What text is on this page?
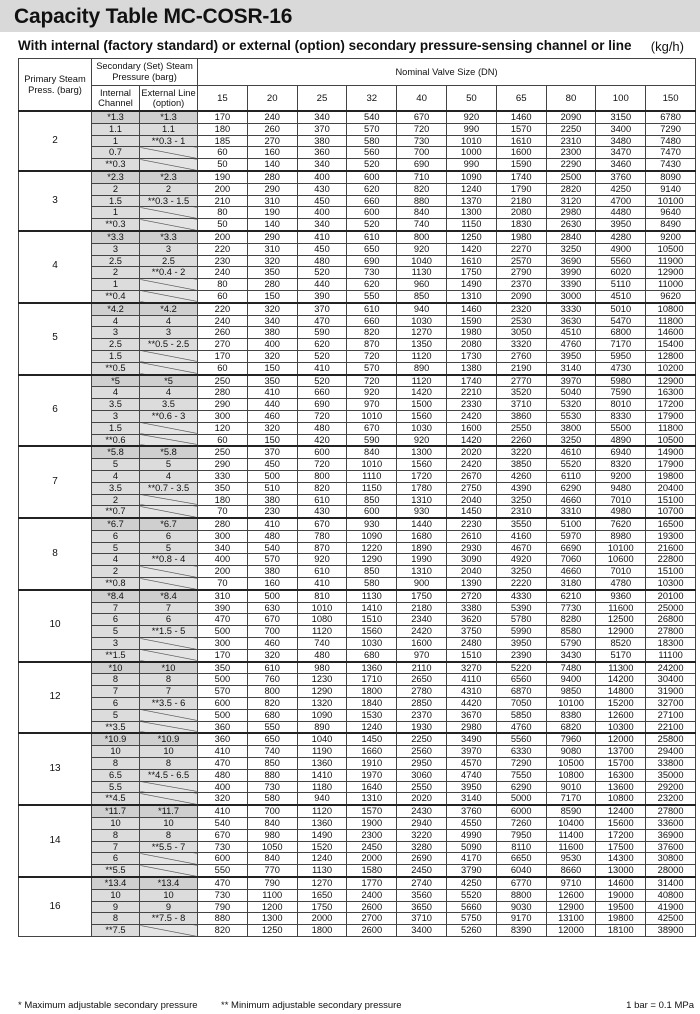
Capacity Table MC-COSR-16
With internal (factory standard) or external (option) secondary pressure-sensing channel or line (kg/h)
Primary Steam Press. (barg)	Secondary (Set) Steam Pressure (barg)		Nominal Valve Size (DN)									
	Internal Channel	External Line (option)	15	20	25	32	40	50	65	80	100	150
2	*1.3	*1.3	170	240	340	540	670	920	1460	2090	3150	6780
	1.1	1.1	180	260	370	570	720	990	1570	2250	3400	7290
	1	**0.3 - 1	185	270	380	580	730	1010	1610	2310	3480	7480
	0.7		60	160	360	560	700	1000	1600	2300	3470	7470
	**0.3		50	140	340	520	690	990	1590	2290	3460	7430
3	*2.3	*2.3	190	280	400	600	710	1090	1740	2500	3760	8090
	2	2	200	290	430	620	820	1240	1790	2820	4250	9140
	1.5	**0.3 - 1.5	210	310	450	660	880	1370	2180	3120	4700	10100
	1		80	190	400	600	840	1300	2080	2980	4480	9640
	**0.3		50	140	340	520	740	1150	1830	2630	3950	8490
4	*3.3	*3.3	200	290	410	610	800	1250	1980	2840	4280	9200
	3	3	220	310	450	650	920	1420	2270	3250	4900	10500
	2.5	2.5	230	320	480	690	1040	1610	2570	3690	5560	11900
	2	**0.4 - 2	240	350	520	730	1130	1750	2790	3990	6020	12900
	1		80	280	440	620	960	1490	2370	3390	5110	11000
	**0.4		60	150	390	550	850	1310	2090	3000	4510	9620
5	*4.2	*4.2	220	320	370	610	940	1460	2320	3330	5010	10800
	4	4	240	340	470	660	1030	1590	2530	3630	5470	11800
	3	3	260	380	590	820	1270	1980	3050	4510	6800	14600
	2.5	**0.5 - 2.5	270	400	620	870	1350	2080	3320	4760	7170	15400
	1.5		170	320	520	720	1120	1730	2760	3950	5950	12800
	**0.5		60	150	410	570	890	1380	2190	3140	4730	10200
6	*5	*5	250	350	520	720	1120	1740	2770	3970	5980	12900
	4	4	280	410	660	920	1420	2210	3520	5040	7590	16300
	3.5	3.5	290	440	690	970	1500	2330	3710	5320	8010	17200
	3	**0.6 - 3	300	460	720	1010	1560	2420	3860	5530	8330	17900
	1.5		120	320	480	670	1030	1600	2550	3800	5500	11800
	**0.6		60	150	420	590	920	1420	2260	3250	4890	10500
7	*5.8	*5.8	250	370	600	840	1300	2020	3220	4610	6940	14900
	5	5	290	450	720	1010	1560	2420	3850	5520	8320	17900
	4	4	330	500	800	1110	1720	2670	4260	6110	9200	19800
	3.5	**0.7 - 3.5	350	510	820	1150	1780	2750	4390	6290	9480	20400
	2		180	380	610	850	1310	2040	3250	4660	7010	15100
	**0.7		70	230	430	600	930	1450	2310	3310	4980	10700
8	*6.7	*6.7	280	410	670	930	1440	2230	3550	5100	7620	16500
	6	6	300	480	780	1090	1680	2610	4160	5970	8980	19300
	5	5	340	540	870	1220	1890	2930	4670	6690	10100	21600
	4	**0.8 - 4	400	570	920	1290	1990	3090	4920	7060	10600	22800
	2		200	380	610	850	1310	2040	3250	4660	7010	15100
	**0.8		70	160	410	580	900	1390	2220	3180	4780	10300
10	*8.4	*8.4	310	500	810	1130	1750	2720	4330	6210	9360	20100
	7	7	390	630	1010	1410	2180	3380	5390	7730	11600	25000
	6	6	470	670	1080	1510	2340	3620	5780	8280	12500	26800
	5	**1.5 - 5	500	700	1120	1560	2420	3750	5990	8580	12900	27800
	3		300	460	740	1030	1600	2480	3950	5790	8520	18300
	**1.5		170	320	480	680	970	1510	2390	3430	5170	11100
12	*10	*10	350	610	980	1360	2110	3270	5220	7480	11300	24200
	8	8	500	760	1230	1710	2650	4110	6560	9400	14200	30400
	7	7	570	800	1290	1800	2780	4310	6870	9850	14800	31900
	6	**3.5 - 6	600	820	1320	1840	2850	4420	7050	10100	15200	32700
	5		500	680	1090	1530	2370	3670	5850	8380	12600	27100
	**3.5		360	550	890	1240	1930	2980	4760	6820	10300	22100
13	*10.9	*10.9	360	650	1040	1450	2250	3490	5560	7960	12000	25800
	10	10	410	740	1190	1660	2560	3970	6330	9080	13700	29400
	8	8	470	850	1360	1910	2950	4570	7290	10500	15700	33800
	6.5	**4.5 - 6.5	480	880	1410	1970	3060	4740	7550	10800	16300	35000
	5.5		400	730	1180	1640	2550	3950	6290	9010	13600	29200
	**4.5		320	580	940	1310	2020	3140	5000	7170	10800	23200
14	*11.7	*11.7	410	700	1120	1570	2430	3760	6000	8590	12400	27800
	10	10	540	840	1360	1900	2940	4550	7260	10400	15600	33600
	8	8	670	980	1490	2300	3220	4990	7950	11400	17200	36900
	7	**5.5 - 7	730	1050	1520	2450	3280	5090	8110	11600	17500	37600
	6		600	840	1240	2000	2690	4170	6650	9530	14300	30800
	**5.5		550	770	1130	1580	2450	3790	6040	8660	13000	28000
16	*13.4	*13.4	470	790	1270	1770	2740	4250	6770	9710	14600	31400
	10	10	730	1100	1650	2400	3560	5520	8800	12600	19000	40800
	9	9	790	1200	1750	2600	3650	5660	9030	12900	19500	41900
	8	**7.5 - 8	880	1300	2000	2700	3710	5750	9170	13100	19800	42500
	**7.5		820	1250	1800	2600	3400	5260	8390	12000	18100	38900
* Maximum adjustable secondary pressure ** Minimum adjustable secondary pressure	1 bar = 0.1 MPa
